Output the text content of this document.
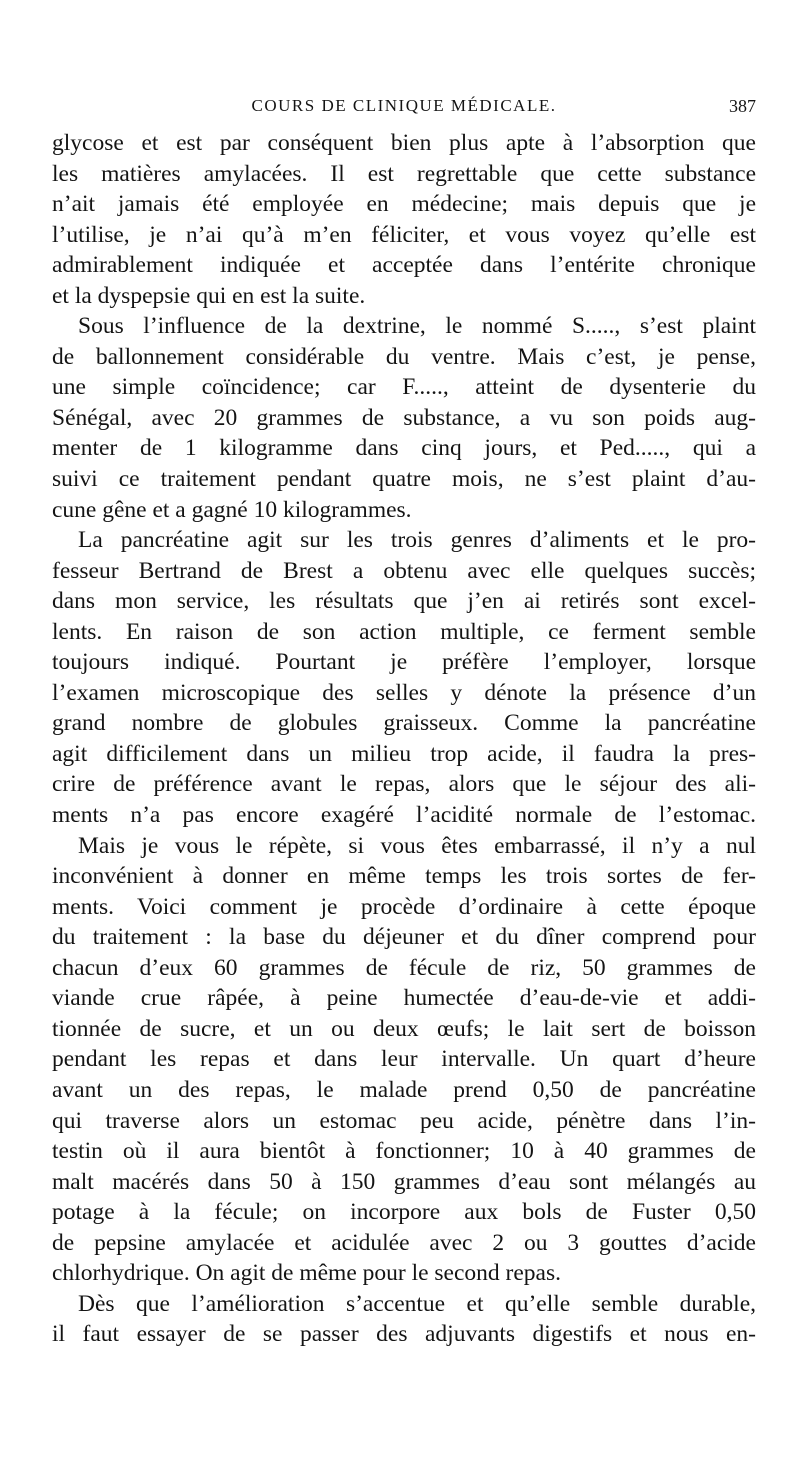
COURS DE CLINIQUE MÉDICALE.	387
glycose et est par conséquent bien plus apte à l’absorption que
les matières amylacées. Il est regrettable que cette substance
n’ait jamais été employée en médecine; mais depuis que je
l’utilise, je n’ai qu’à m’en féliciter, et vous voyez qu’elle est
admirablement indiquée et acceptée dans l’entérite chronique
et la dyspepsie qui en est la suite.
Sous l’influence de la dextrine, le nommé S....., s’est plaint
de ballonnement considérable du ventre. Mais c’est, je pense,
une simple coïncidence; car F....., atteint de dysenterie du
Sénégal, avec 20 grammes de substance, a vu son poids aug-
menter de 1 kilogramme dans cinq jours, et Ped....., qui a
suivi ce traitement pendant quatre mois, ne s’est plaint d’au-
cune gêne et a gagné 10 kilogrammes.
La pancréatine agit sur les trois genres d’aliments et le pro-
fesseur Bertrand de Brest a obtenu avec elle quelques succès;
dans mon service, les résultats que j’en ai retirés sont excel-
lents. En raison de son action multiple, ce ferment semble
toujours indiqué. Pourtant je préfère l’employer, lorsque
l’examen microscopique des selles y dénote la présence d’un
grand nombre de globules graisseux. Comme la pancréatine
agit difficilement dans un milieu trop acide, il faudra la pres-
crire de préférence avant le repas, alors que le séjour des ali-
ments n’a pas encore exagéré l’acidité normale de l’estomac.
Mais je vous le répète, si vous êtes embarrassé, il n’y a nul
inconvénient à donner en même temps les trois sortes de fer-
ments. Voici comment je procède d’ordinaire à cette époque
du traitement : la base du déjeuner et du dîner comprend pour
chacun d’eux 60 grammes de fécule de riz, 50 grammes de
viande crue râpée, à peine humectée d’eau-de-vie et addi-
tionnée de sucre, et un ou deux œufs; le lait sert de boisson
pendant les repas et dans leur intervalle. Un quart d’heure
avant un des repas, le malade prend 0,50 de pancréatine
qui traverse alors un estomac peu acide, pénètre dans l’in-
testin où il aura bientôt à fonctionner; 10 à 40 grammes de
malt macérés dans 50 à 150 grammes d’eau sont mélangés au
potage à la fécule; on incorpore aux bols de Fuster 0,50
de pepsine amylacée et acidulée avec 2 ou 3 gouttes d’acide
chlorhydrique. On agit de même pour le second repas.
Dès que l’amélioration s’accentue et qu’elle semble durable,
il faut essayer de se passer des adjuvants digestifs et nous en-
